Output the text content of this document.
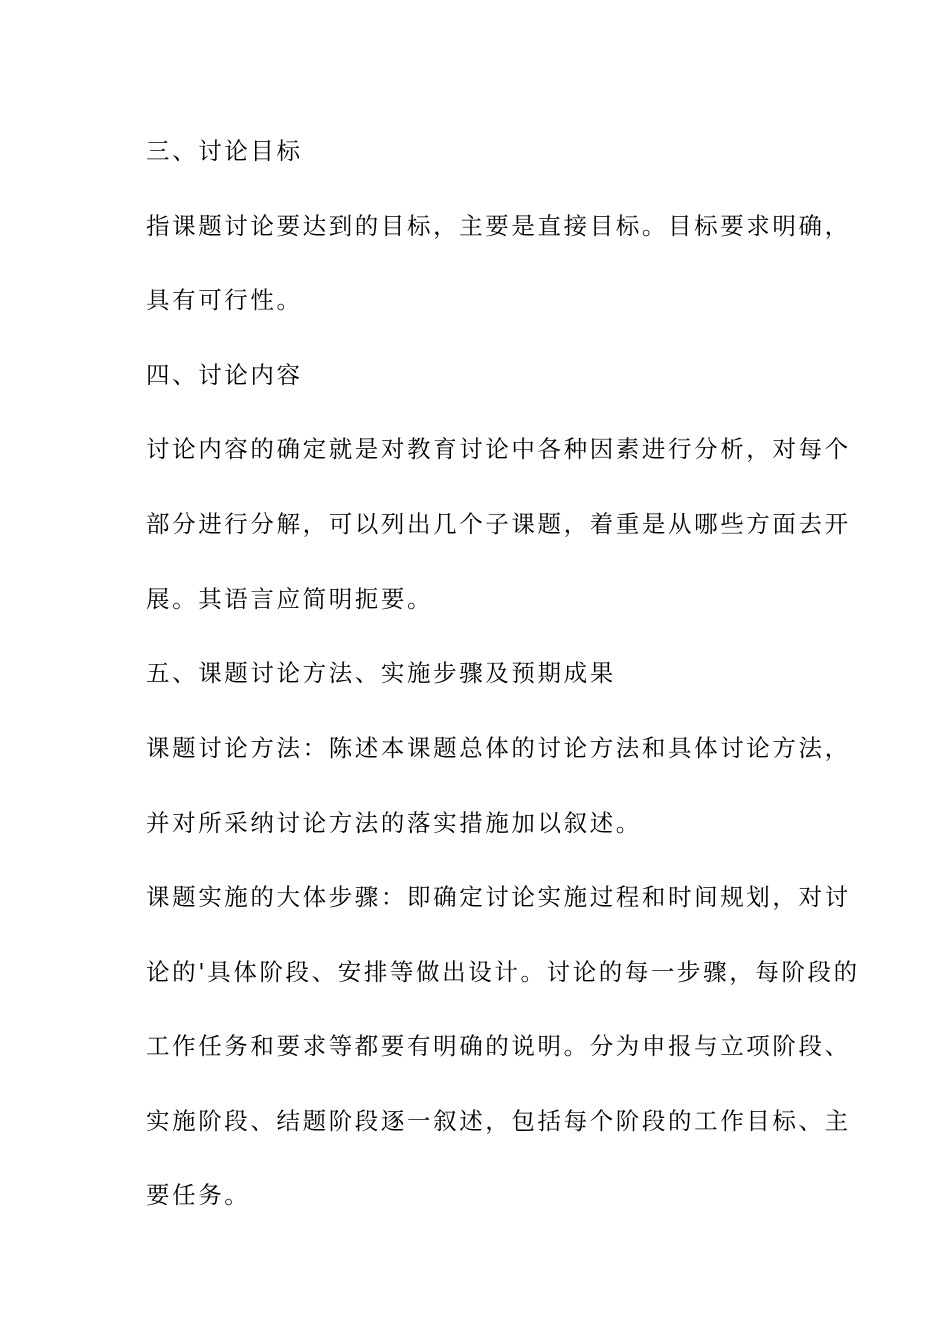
三、讨论目标
指课题讨论要达到的目标，主要是直接目标。目标要求明确，
具有可行性。
四、讨论内容
讨论内容的确定就是对教育讨论中各种因素进行分析，对每个
部分进行分解，可以列出几个子课题，着重是从哪些方面去开
展。其语言应简明扼要。
五、课题讨论方法、实施步骤及预期成果
课题讨论方法：陈述本课题总体的讨论方法和具体讨论方法，
并对所采纳讨论方法的落实措施加以叙述。
课题实施的大体步骤：即确定讨论实施过程和时间规划，对讨
论的'具体阶段、安排等做出设计。讨论的每一步骤，每阶段的
工作任务和要求等都要有明确的说明。分为申报与立项阶段、
实施阶段、结题阶段逐一叙述，包括每个阶段的工作目标、主
要任务。
